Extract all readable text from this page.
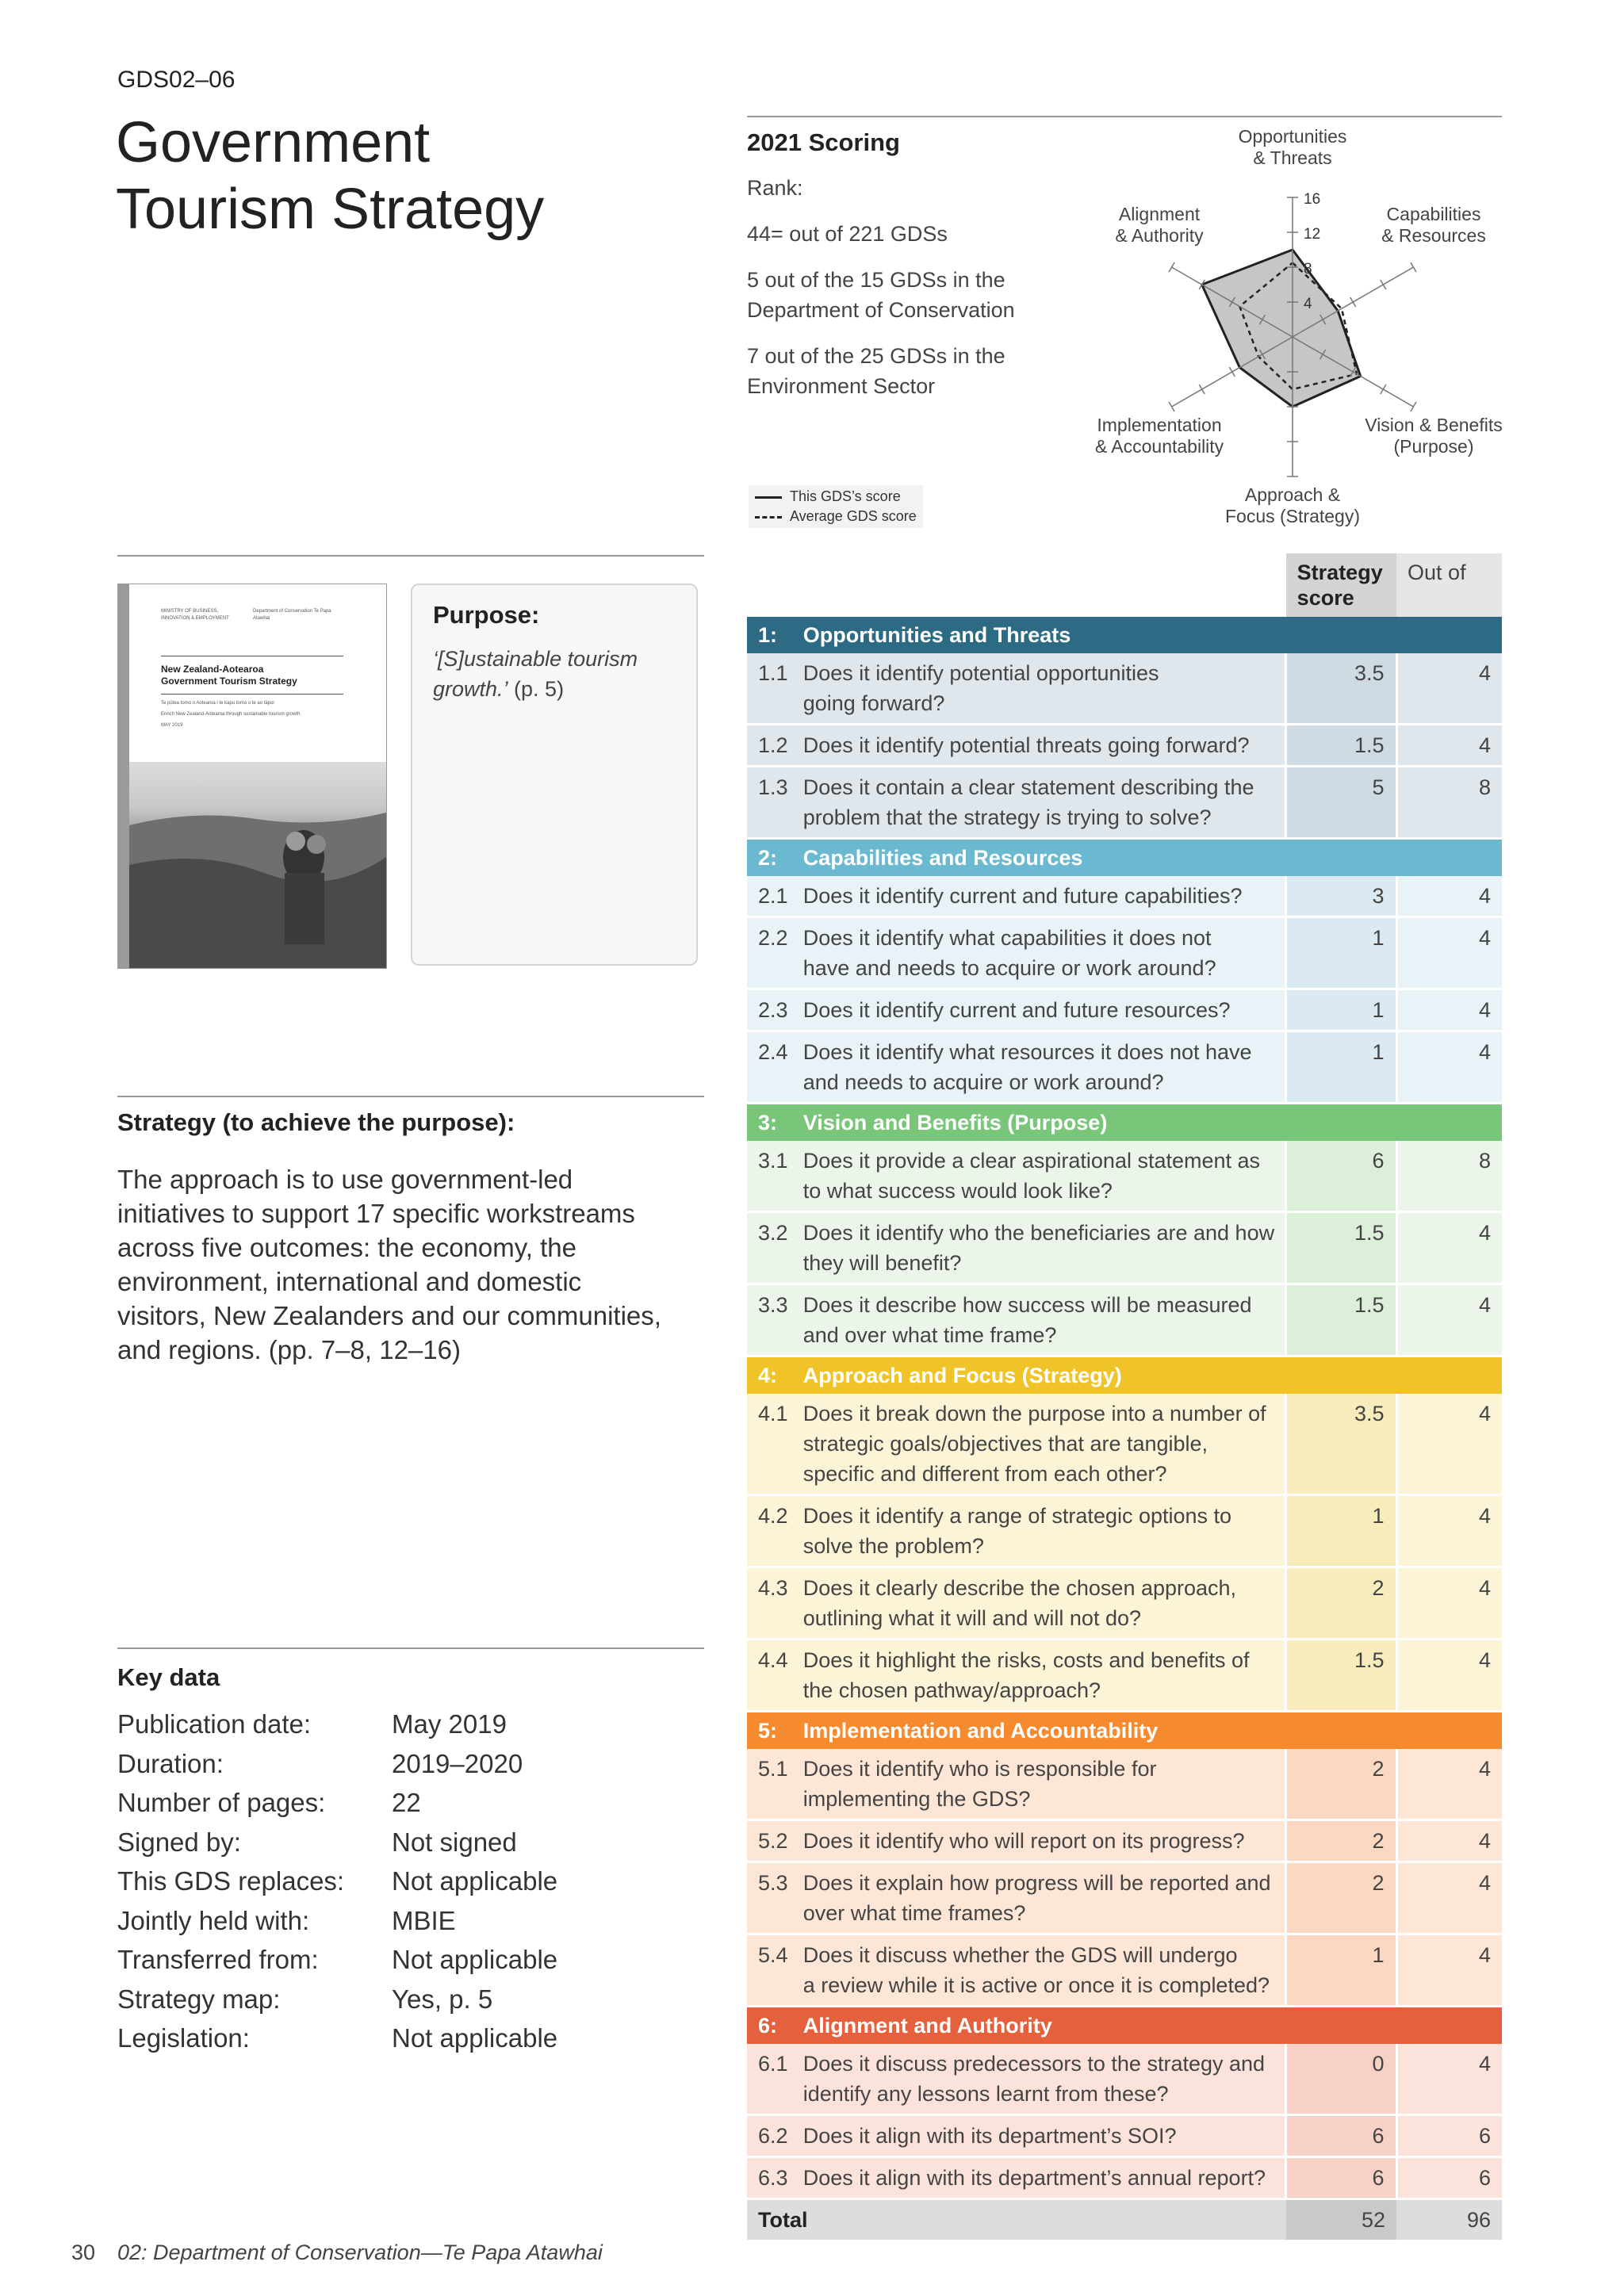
GDS02–06
Government
Tourism Strategy
MINISTRY OF BUSINESS, INNOVATION & EMPLOYMENT
Department of Conservation Te Papa Atawhai
New Zealand-Aotearoa
Government Tourism Strategy
Te pūtea tomo o Aotearoa i te kapu tomo o te ao tāpoi
Enrich New Zealand-Aotearoa through sustainable tourism growth
MAY 2019
Purpose:
‘[S]ustainable tourism growth.’ (p. 5)
Strategy (to achieve the purpose):
The approach is to use government-led
initiatives to support 17 specific workstreams
across five outcomes: the economy, the
environment, international and domestic
visitors, New Zealanders and our communities,
and regions. (pp. 7–8, 12–16)
Key data
Publication date:	May 2019
Duration:	2019–2020
Number of pages:	22
Signed by:	Not signed
This GDS replaces: Not applicable
Jointly held with:	MBIE
Transferred from:	Not applicable
Strategy map:	Yes, p. 5
Legislation:	Not applicable
2021 Scoring
Rank:
44= out of 221 GDSs
5 out of the 15 GDSs in the
Department of Conservation
7 out of the 25 GDSs in the
Environment Sector
Opportunities & Threats
Capabilities & Resources
Vision & Benefits (Purpose)
Approach & Focus (Strategy)
Implementation & Accountability
Alignment & Authority
4
8
12
16

		Strategy
score	Out of
1:	Opportunities and Threats		
1.1	Does it identify potential opportunities
going forward?	3.5	4
1.2	Does it identify potential threats going forward?	1.5	4
1.3	Does it contain a clear statement describing the
problem that the strategy is trying to solve?	5	8
2:	Capabilities and Resources		
2.1	Does it identify current and future capabilities?	3	4
2.2	Does it identify what capabilities it does not
have and needs to acquire or work around?	1	4
2.3	Does it identify current and future resources?	1	4
2.4	Does it identify what resources it does not have
and needs to acquire or work around?	1	4
3:	Vision and Benefits (Purpose)		
3.1	Does it provide a clear aspirational statement as
to what success would look like?	6	8
3.2	Does it identify who the beneficiaries are and how
they will benefit?	1.5	4
3.3	Does it describe how success will be measured
and over what time frame?	1.5	4
4:	Approach and Focus (Strategy)		
4.1	Does it break down the purpose into a number of
strategic goals/objectives that are tangible,
specific and different from each other?	3.5	4
4.2	Does it identify a range of strategic options to
solve the problem?	1	4
4.3	Does it clearly describe the chosen approach,
outlining what it will and will not do?	2	4
4.4	Does it highlight the risks, costs and benefits of
the chosen pathway/approach?	1.5	4
5:	Implementation and Accountability		
5.1	Does it identify who is responsible for
implementing the GDS?	2	4
5.2	Does it identify who will report on its progress?	2	4
5.3	Does it explain how progress will be reported and
over what time frames?	2	4
5.4	Does it discuss whether the GDS will undergo
a review while it is active or once it is completed?	1	4
6:	Alignment and Authority		
6.1	Does it discuss predecessors to the strategy and
identify any lessons learnt from these?	0	4
6.2	Does it align with its department’s SOI?	6	6
6.3	Does it align with its department’s annual report?	6	6
Total		52	96
30 02: Department of Conservation—Te Papa Atawhai
This GDS’s score
Average GDS score
